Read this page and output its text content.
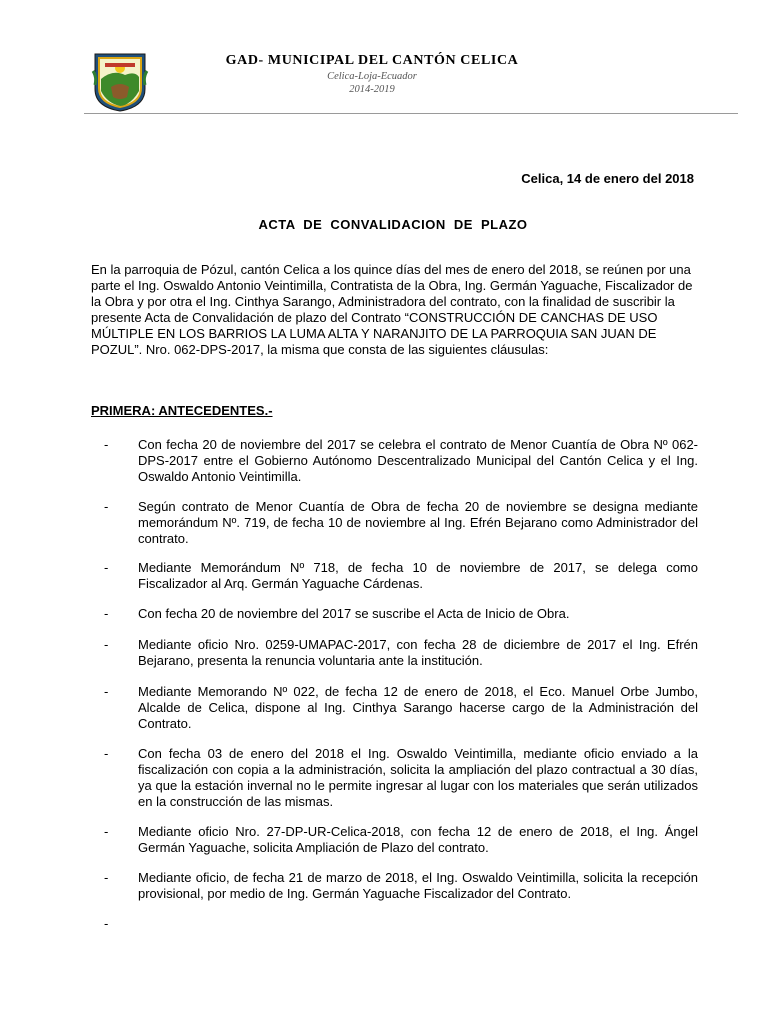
GAD- MUNICIPAL DEL CANTÓN CELICA
Celica-Loja-Ecuador
2014-2019
Celica, 14 de enero del 2018
ACTA DE CONVALIDACION DE PLAZO

En la parroquia de Pózul, cantón Celica a los quince días del mes de enero del 2018, se reúnen por una parte el Ing. Oswaldo Antonio Veintimilla, Contratista de la Obra, Ing. Germán Yaguache, Fiscalizador de la Obra y por otra el Ing. Cinthya Sarango, Administradora del contrato, con la finalidad de suscribir la presente Acta de Convalidación de plazo del Contrato “CONSTRUCCIÓN DE CANCHAS DE USO MÚLTIPLE EN LOS BARRIOS LA LUMA ALTA Y NARANJITO DE LA PARROQUIA SAN JUAN DE POZUL”. Nro. 062-DPS-2017, la misma que consta de las siguientes cláusulas:

PRIMERA: ANTECEDENTES.-
-	Con fecha 20 de noviembre del 2017 se celebra el contrato de Menor Cuantía de Obra Nº 062-DPS-2017 entre el Gobierno Autónomo Descentralizado Municipal del Cantón Celica y el Ing. Oswaldo Antonio Veintimilla.
-	Según contrato de Menor Cuantía de Obra de fecha 20 de noviembre se designa mediante memorándum Nº. 719, de fecha 10 de noviembre al Ing. Efrén Bejarano como Administrador del contrato.
-	Mediante Memorándum Nº 718, de fecha 10 de noviembre de 2017, se delega como Fiscalizador al Arq. Germán Yaguache Cárdenas.
-	Con fecha 20 de noviembre del 2017 se suscribe el Acta de Inicio de Obra.
-	Mediante oficio Nro. 0259-UMAPAC-2017, con fecha 28 de diciembre de 2017 el Ing. Efrén Bejarano, presenta la renuncia voluntaria ante la institución.
-	Mediante Memorando Nº 022, de fecha 12 de enero de 2018, el Eco. Manuel Orbe Jumbo, Alcalde de Celica, dispone al Ing. Cinthya Sarango hacerse cargo de la Administración del Contrato.
-	Con fecha 03 de enero del 2018 el Ing. Oswaldo Veintimilla, mediante oficio enviado a la fiscalización con copia a la administración, solicita la ampliación del plazo contractual a 30 días, ya que la estación invernal no le permite ingresar al lugar con los materiales que serán utilizados en la construcción de las mismas.
-	Mediante oficio Nro. 27-DP-UR-Celica-2018, con fecha 12 de enero de 2018, el Ing. Ángel Germán Yaguache, solicita Ampliación de Plazo del contrato.
-	Mediante oficio, de fecha 21 de marzo de 2018, el Ing. Oswaldo Veintimilla, solicita la recepción provisional, por medio de Ing. Germán Yaguache Fiscalizador del Contrato.
-
